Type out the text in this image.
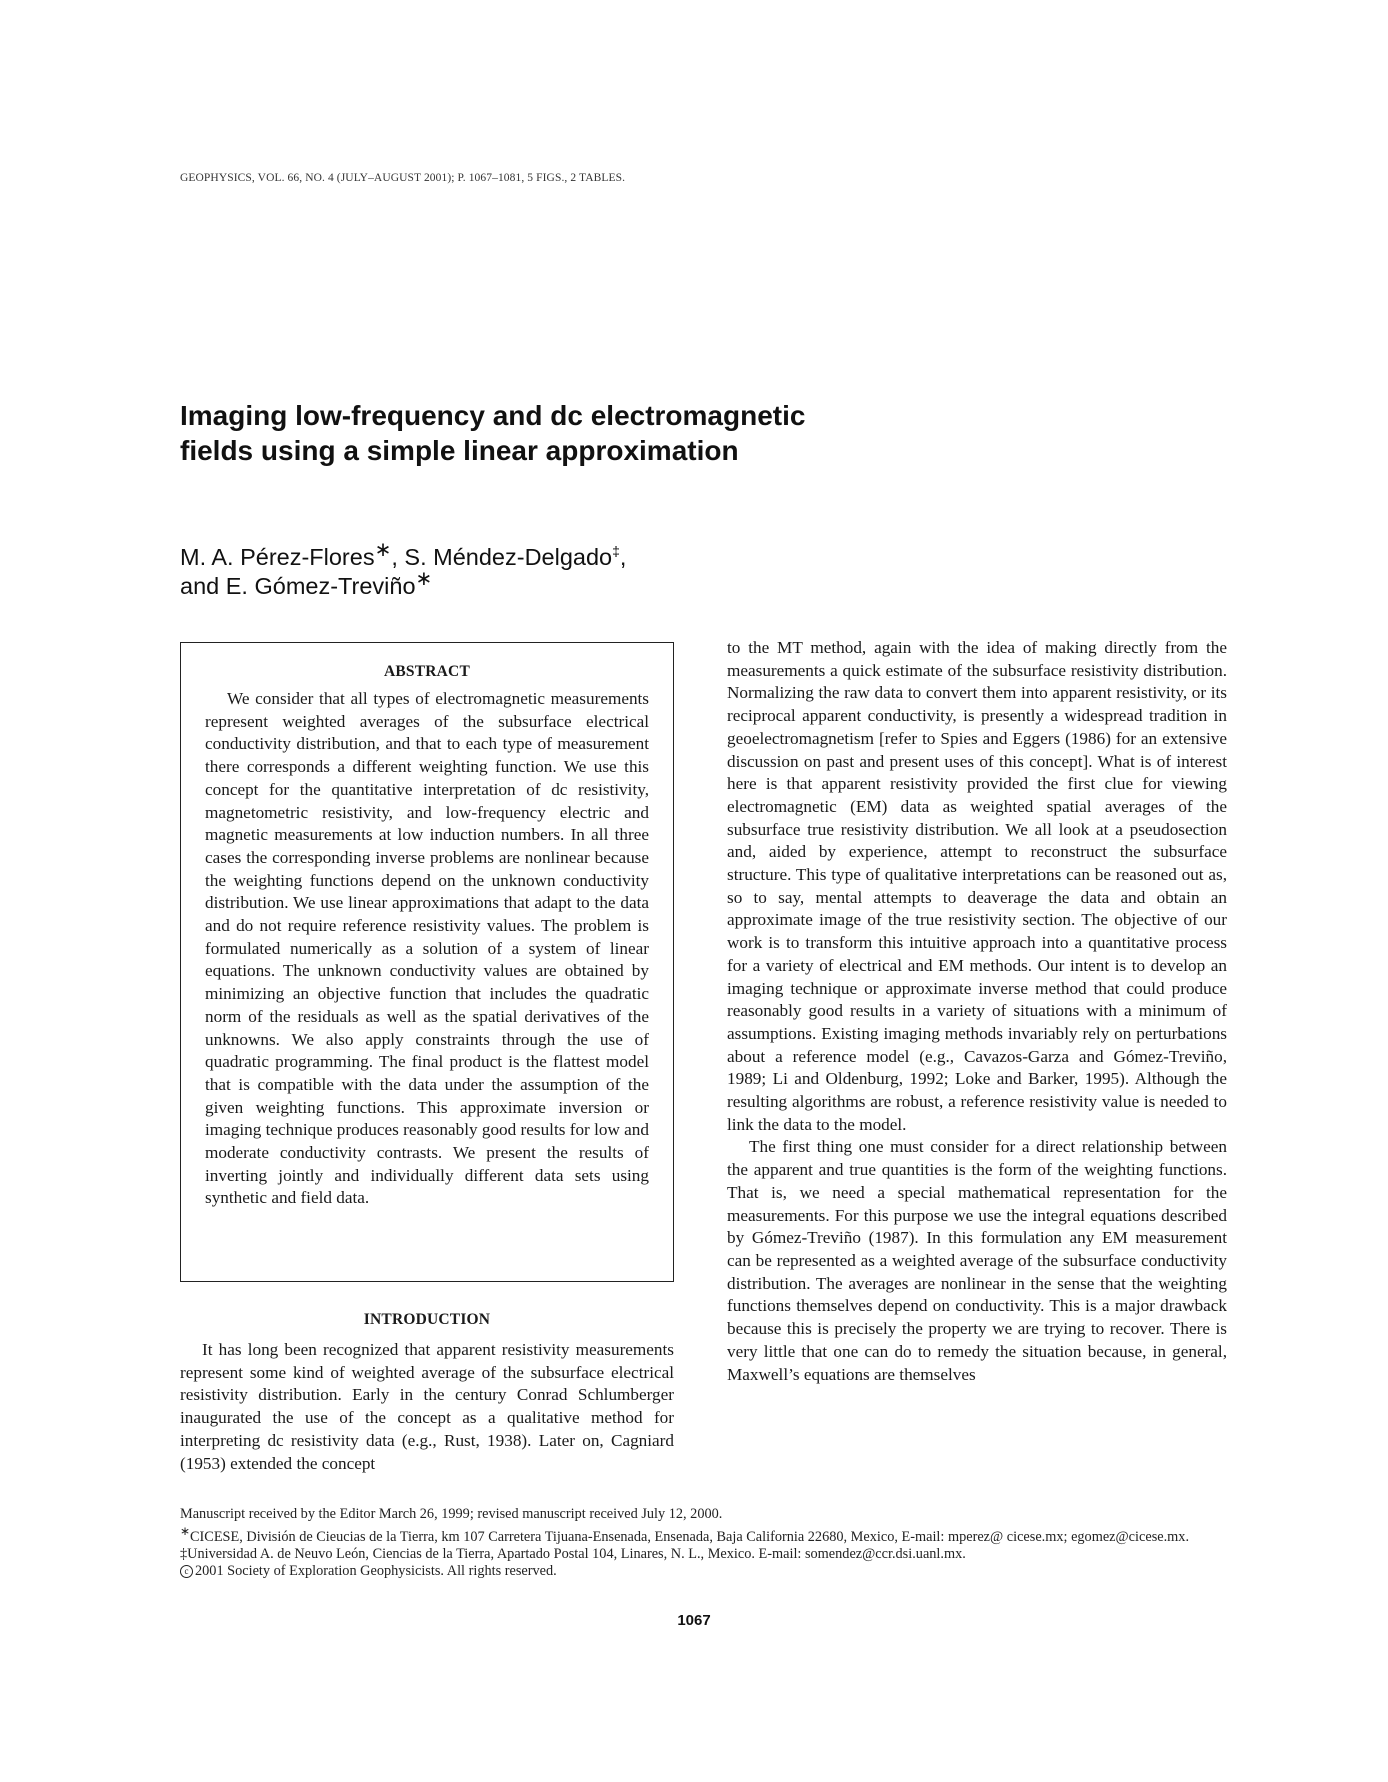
GEOPHYSICS, VOL. 66, NO. 4 (JULY–AUGUST 2001); P. 1067–1081, 5 FIGS., 2 TABLES.
Imaging low-frequency and dc electromagnetic
fields using a simple linear approximation
M. A. Pérez-Flores∗, S. Méndez-Delgado‡,
and E. Gómez-Treviño∗

ABSTRACT

We consider that all types of electromagnetic measurements represent weighted averages of the subsurface electrical conductivity distribution, and that to each type of measurement there corresponds a different weighting function. We use this concept for the quantitative interpretation of dc resistivity, magnetometric resistivity, and low-frequency electric and magnetic measurements at low induction numbers. In all three cases the corresponding inverse problems are nonlinear because the weighting functions depend on the unknown conductivity distribution. We use linear approximations that adapt to the data and do not require reference resistivity values. The problem is formulated numerically as a solution of a system of linear equations. The unknown conductivity values are obtained by minimizing an objective function that includes the quadratic norm of the residuals as well as the spatial derivatives of the unknowns. We also apply constraints through the use of quadratic programming. The final product is the flattest model that is compatible with the data under the assumption of the given weighting functions. This approximate inversion or imaging technique produces reasonably good results for low and moderate conductivity contrasts. We present the results of inverting jointly and individually different data sets using synthetic and field data.

INTRODUCTION

It has long been recognized that apparent resistivity measurements represent some kind of weighted average of the subsurface electrical resistivity distribution. Early in the century Conrad Schlumberger inaugurated the use of the concept as a qualitative method for interpreting dc resistivity data (e.g., Rust, 1938). Later on, Cagniard (1953) extended the concept

to the MT method, again with the idea of making directly from the measurements a quick estimate of the subsurface resistivity distribution. Normalizing the raw data to convert them into apparent resistivity, or its reciprocal apparent conductivity, is presently a widespread tradition in geoelectromagnetism [refer to Spies and Eggers (1986) for an extensive discussion on past and present uses of this concept]. What is of interest here is that apparent resistivity provided the first clue for viewing electromagnetic (EM) data as weighted spatial averages of the subsurface true resistivity distribution. We all look at a pseudosection and, aided by experience, attempt to reconstruct the subsurface structure. This type of qualitative interpretations can be reasoned out as, so to say, mental attempts to deaverage the data and obtain an approximate image of the true resistivity section. The objective of our work is to transform this intuitive approach into a quantitative process for a variety of electrical and EM methods. Our intent is to develop an imaging technique or approximate inverse method that could produce reasonably good results in a variety of situations with a minimum of assumptions. Existing imaging methods invariably rely on perturbations about a reference model (e.g., Cavazos-Garza and Gómez-Treviño, 1989; Li and Oldenburg, 1992; Loke and Barker, 1995). Although the resulting algorithms are robust, a reference resistivity value is needed to link the data to the model.

The first thing one must consider for a direct relationship between the apparent and true quantities is the form of the weighting functions. That is, we need a special mathematical representation for the measurements. For this purpose we use the integral equations described by Gómez-Treviño (1987). In this formulation any EM measurement can be represented as a weighted average of the subsurface conductivity distribution. The averages are nonlinear in the sense that the weighting functions themselves depend on conductivity. This is a major drawback because this is precisely the property we are trying to recover. There is very little that one can do to remedy the situation because, in general, Maxwell’s equations are themselves

Manuscript received by the Editor March 26, 1999; revised manuscript received July 12, 2000.

∗CICESE, División de Cieucias de la Tierra, km 107 Carretera Tijuana-Ensenada, Ensenada, Baja California 22680, Mexico, E-mail: mperez@ cicese.mx; egomez@cicese.mx.

‡Universidad A. de Neuvo León, Ciencias de la Tierra, Apartado Postal 104, Linares, N. L., Mexico. E-mail: somendez@ccr.dsi.uanl.mx.

c 2001 Society of Exploration Geophysicists. All rights reserved.

1067
